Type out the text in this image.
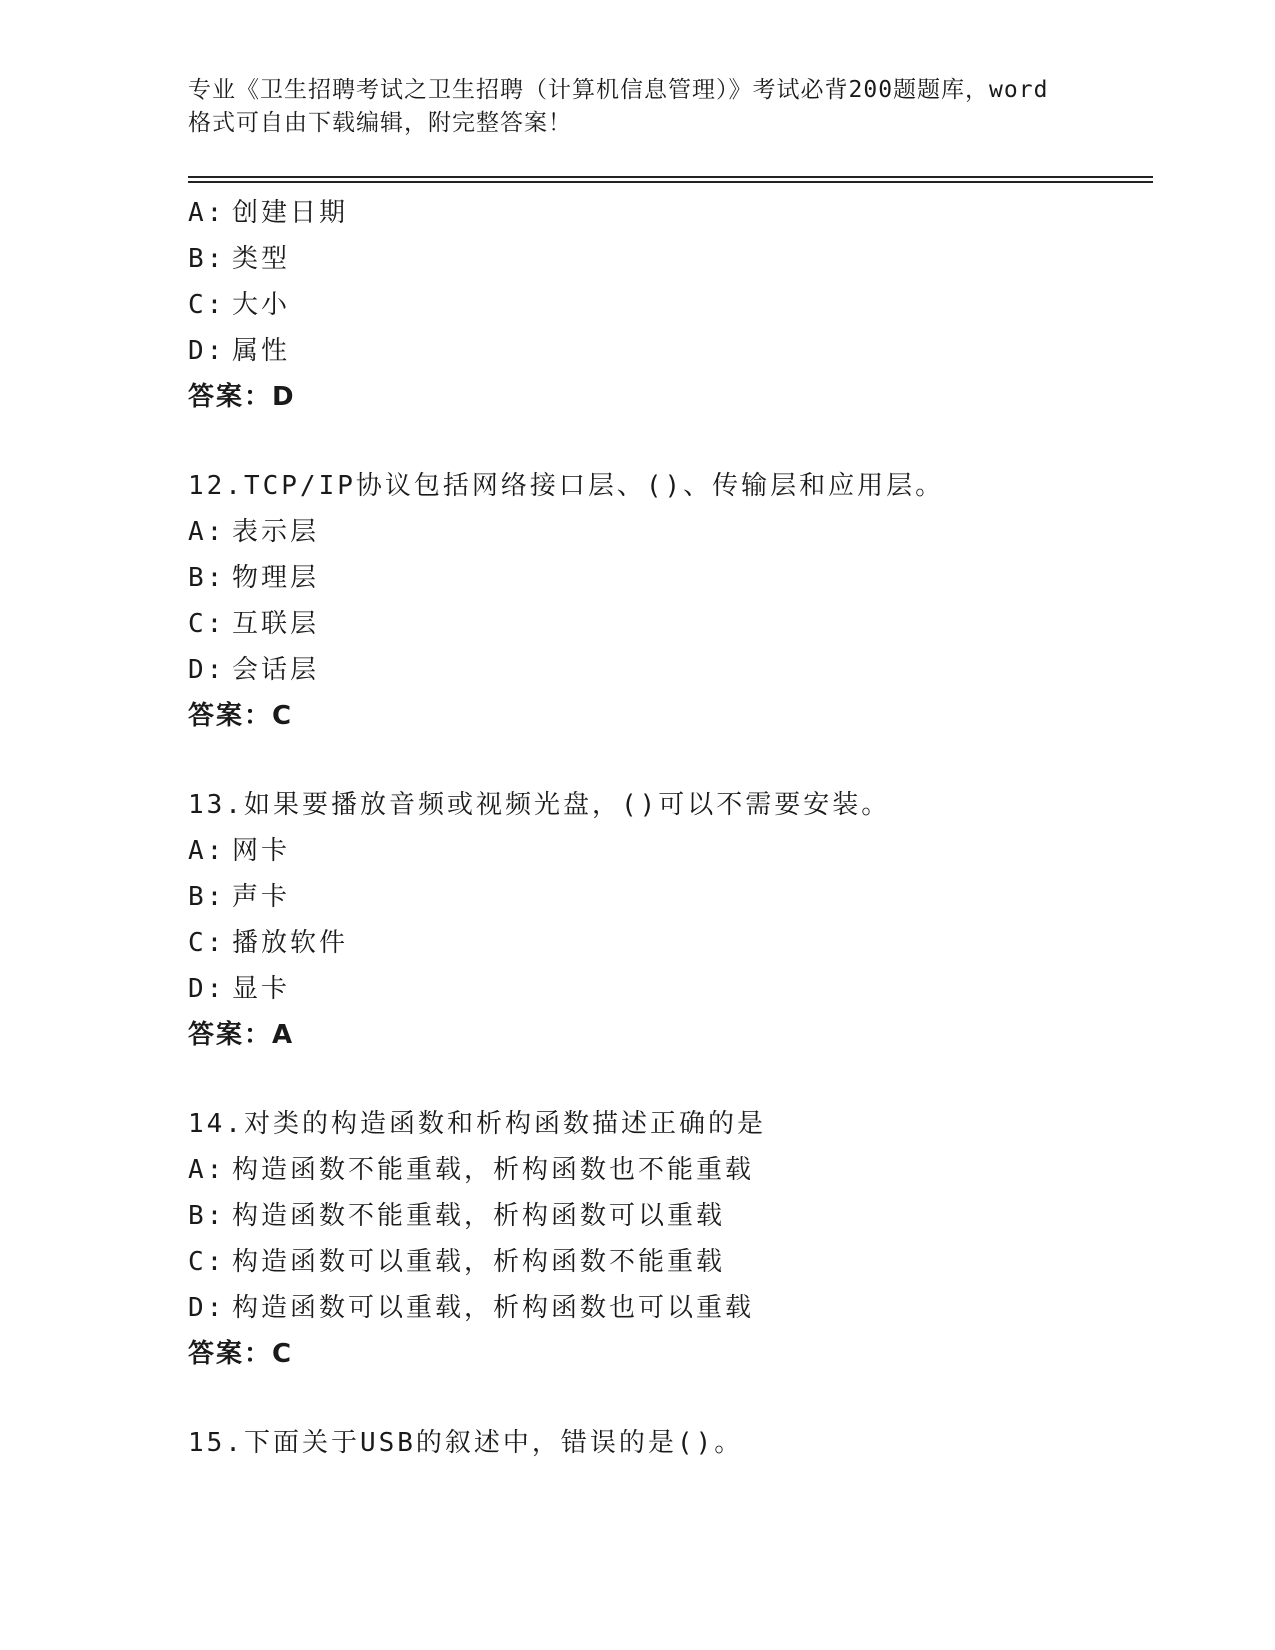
专业《卫生招聘考试之卫生招聘（计算机信息管理）》考试必背200题题库，word
格式可自由下载编辑，附完整答案！
A: 创建日期
B: 类型
C: 大小
D: 属性
答案：D
12.TCP/IP协议包括网络接口层、()、传输层和应用层。
A: 表示层
B: 物理层
C: 互联层
D: 会话层
答案：C
13.如果要播放音频或视频光盘，()可以不需要安装。
A: 网卡
B: 声卡
C: 播放软件
D: 显卡
答案：A
14.对类的构造函数和析构函数描述正确的是
A: 构造函数不能重载，析构函数也不能重载
B: 构造函数不能重载，析构函数可以重载
C: 构造函数可以重载，析构函数不能重载
D: 构造函数可以重载，析构函数也可以重载
答案：C
15.下面关于USB的叙述中，错误的是()。
